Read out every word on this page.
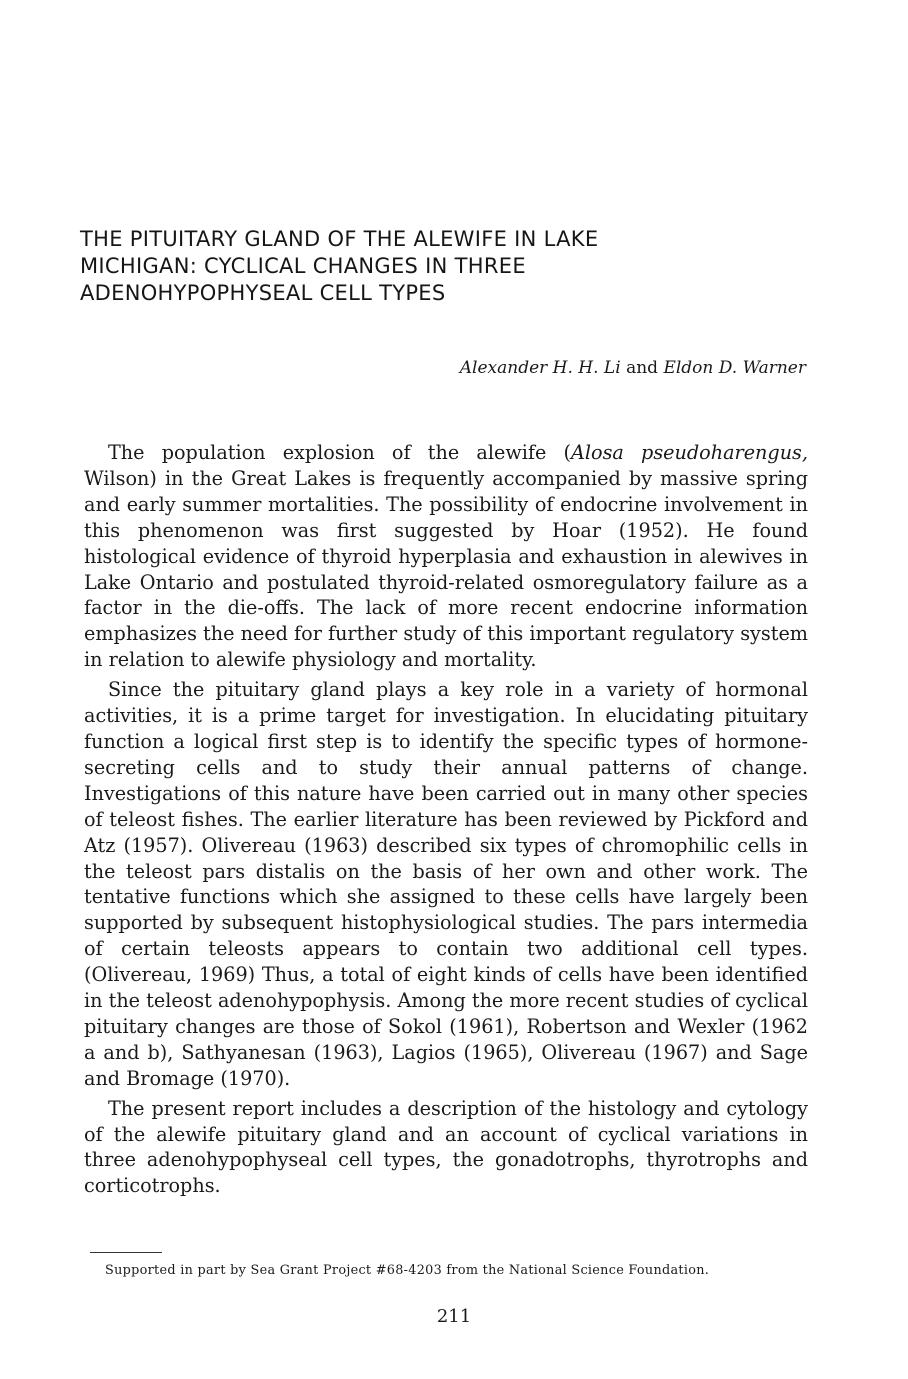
THE PITUITARY GLAND OF THE ALEWIFE IN LAKE
MICHIGAN: CYCLICAL CHANGES IN THREE
ADENOHYPOPHYSEAL CELL TYPES
Alexander H. H. Li and Eldon D. Warner

The population explosion of the alewife (Alosa pseudoharengus, Wilson) in the Great Lakes is frequently accompanied by massive spring and early summer mortalities. The possibility of endocrine involvement in this phenomenon was first suggested by Hoar (1952). He found histological evidence of thyroid hyperplasia and exhaustion in alewives in Lake Ontario and postulated thyroid-related osmoregulatory failure as a factor in the die-offs. The lack of more recent endocrine information emphasizes the need for further study of this important regulatory system in relation to alewife physiology and mortality.

Since the pituitary gland plays a key role in a variety of hormonal activities, it is a prime target for investigation. In elucidating pituitary function a logical first step is to identify the specific types of hormone-secreting cells and to study their annual patterns of change. Investigations of this nature have been carried out in many other species of teleost fishes. The earlier literature has been reviewed by Pickford and Atz (1957). Olivereau (1963) described six types of chromophilic cells in the teleost pars distalis on the basis of her own and other work. The tentative functions which she assigned to these cells have largely been supported by subsequent histophysiological studies. The pars intermedia of certain teleosts appears to contain two additional cell types. (Olivereau, 1969) Thus, a total of eight kinds of cells have been identified in the teleost adenohypophysis. Among the more recent studies of cyclical pituitary changes are those of Sokol (1961), Robertson and Wexler (1962 a and b), Sathyanesan (1963), Lagios (1965), Olivereau (1967) and Sage and Bromage (1970).

The present report includes a description of the histology and cytology of the alewife pituitary gland and an account of cyclical variations in three adenohypophyseal cell types, the gonadotrophs, thyrotrophs and corticotrophs.

Supported in part by Sea Grant Project #68-4203 from the National Science Foundation.
211
